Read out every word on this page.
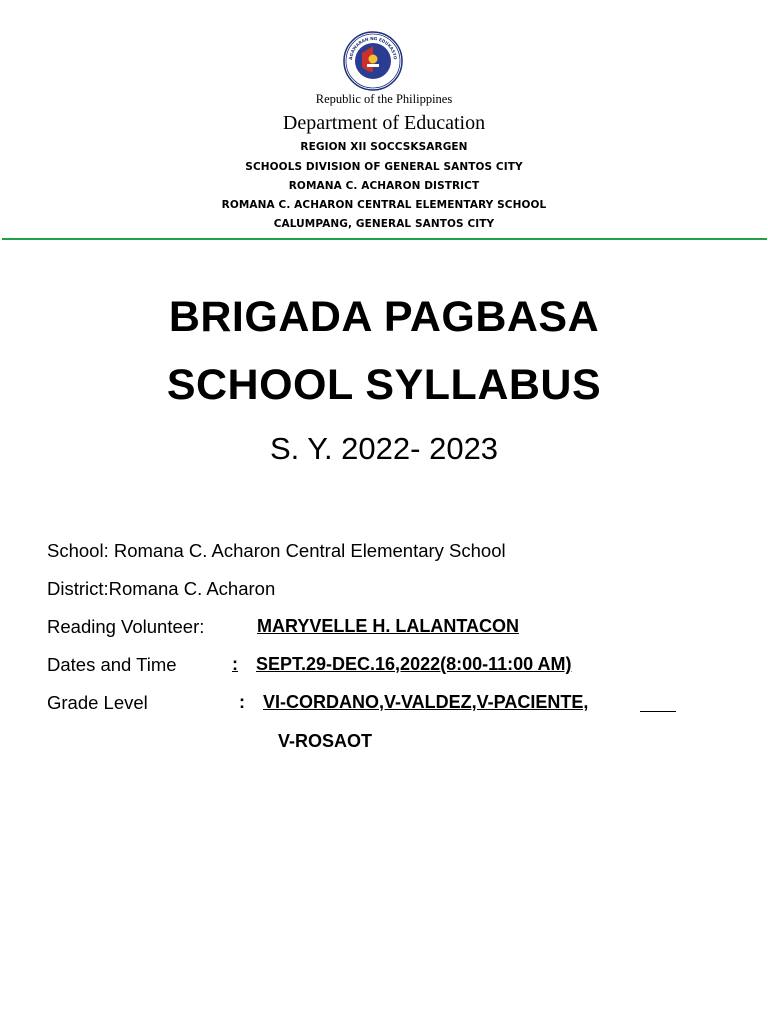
AGAWARAN NG EDUKASYO
Republic of the Philippines
Department of Education
REGION XII SOCCSKSARGEN
SCHOOLS DIVISION OF GENERAL SANTOS CITY
ROMANA C. ACHARON DISTRICT
ROMANA C. ACHARON CENTRAL ELEMENTARY SCHOOL
CALUMPANG, GENERAL SANTOS CITY
BRIGADA PAGBASA
SCHOOL SYLLABUS
S. Y. 2022- 2023
School: Romana C. Acharon Central Elementary School
District:Romana C. Acharon
Reading Volunteer:	MARYVELLE H. LALANTACON
Dates and Time	: SEPT.29-DEC.16,2022(8:00-11:00 AM)
Grade Level	: VI-CORDANO,V-VALDEZ,V-PACIENTE,
V-ROSAOT
